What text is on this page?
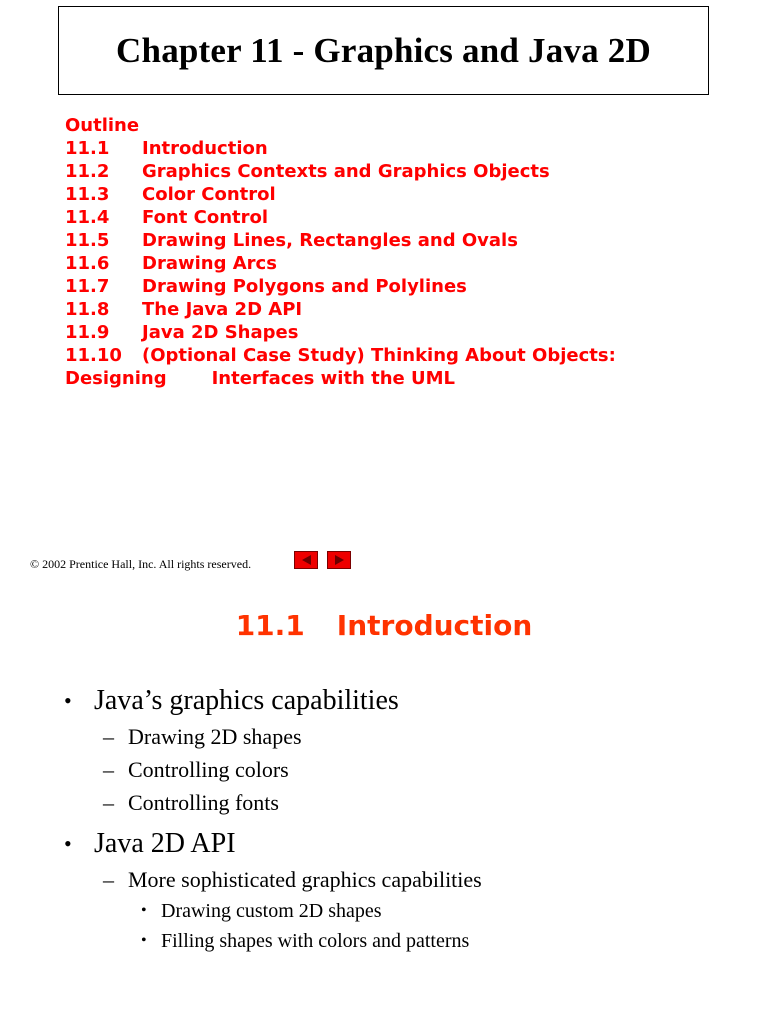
Chapter 11 - Graphics and Java 2D
Outline
11.1	Introduction
11.2	Graphics Contexts and Graphics Objects
11.3	Color Control
11.4	Font Control
11.5	Drawing Lines, Rectangles and Ovals
11.6	Drawing Arcs
11.7	Drawing Polygons and Polylines
11.8	The Java 2D API
11.9	Java 2D Shapes
11.10 (Optional Case Study) Thinking About Objects:
Designing	Interfaces with the UML
© 2002 Prentice Hall, Inc. All rights reserved.
11.1 Introduction
• Java’s graphics capabilities
– Drawing 2D shapes
– Controlling colors
– Controlling fonts
• Java 2D API
– More sophisticated graphics capabilities
• Drawing custom 2D shapes
• Filling shapes with colors and patterns
